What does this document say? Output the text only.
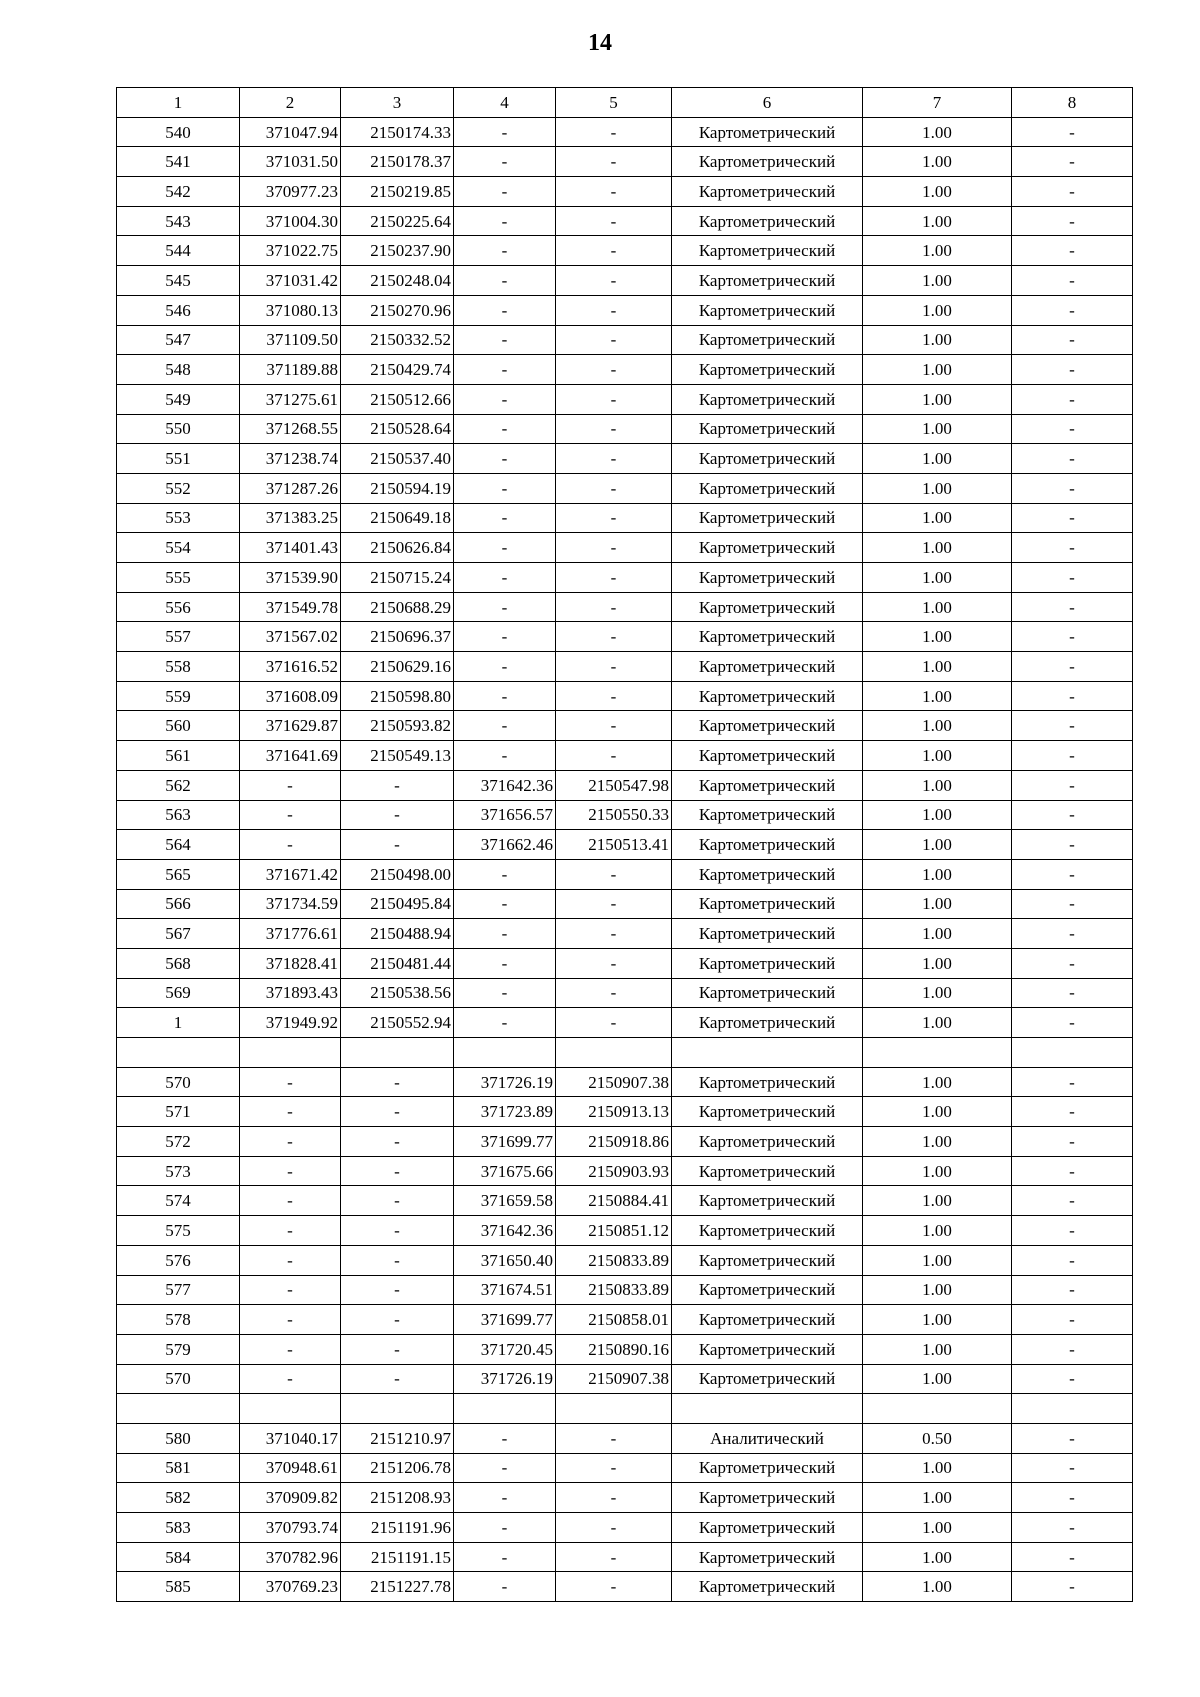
14
1	2	3	4	5	6	7	8
540	371047.94	2150174.33	-	-	Картометрический	1.00	-
541	371031.50	2150178.37	-	-	Картометрический	1.00	-
542	370977.23	2150219.85	-	-	Картометрический	1.00	-
543	371004.30	2150225.64	-	-	Картометрический	1.00	-
544	371022.75	2150237.90	-	-	Картометрический	1.00	-
545	371031.42	2150248.04	-	-	Картометрический	1.00	-
546	371080.13	2150270.96	-	-	Картометрический	1.00	-
547	371109.50	2150332.52	-	-	Картометрический	1.00	-
548	371189.88	2150429.74	-	-	Картометрический	1.00	-
549	371275.61	2150512.66	-	-	Картометрический	1.00	-
550	371268.55	2150528.64	-	-	Картометрический	1.00	-
551	371238.74	2150537.40	-	-	Картометрический	1.00	-
552	371287.26	2150594.19	-	-	Картометрический	1.00	-
553	371383.25	2150649.18	-	-	Картометрический	1.00	-
554	371401.43	2150626.84	-	-	Картометрический	1.00	-
555	371539.90	2150715.24	-	-	Картометрический	1.00	-
556	371549.78	2150688.29	-	-	Картометрический	1.00	-
557	371567.02	2150696.37	-	-	Картометрический	1.00	-
558	371616.52	2150629.16	-	-	Картометрический	1.00	-
559	371608.09	2150598.80	-	-	Картометрический	1.00	-
560	371629.87	2150593.82	-	-	Картометрический	1.00	-
561	371641.69	2150549.13	-	-	Картометрический	1.00	-
562	-	-	371642.36	2150547.98	Картометрический	1.00	-
563	-	-	371656.57	2150550.33	Картометрический	1.00	-
564	-	-	371662.46	2150513.41	Картометрический	1.00	-
565	371671.42	2150498.00	-	-	Картометрический	1.00	-
566	371734.59	2150495.84	-	-	Картометрический	1.00	-
567	371776.61	2150488.94	-	-	Картометрический	1.00	-
568	371828.41	2150481.44	-	-	Картометрический	1.00	-
569	371893.43	2150538.56	-	-	Картометрический	1.00	-
1	371949.92	2150552.94	-	-	Картометрический	1.00	-

570	-	-	371726.19	2150907.38	Картометрический	1.00	-
571	-	-	371723.89	2150913.13	Картометрический	1.00	-
572	-	-	371699.77	2150918.86	Картометрический	1.00	-
573	-	-	371675.66	2150903.93	Картометрический	1.00	-
574	-	-	371659.58	2150884.41	Картометрический	1.00	-
575	-	-	371642.36	2150851.12	Картометрический	1.00	-
576	-	-	371650.40	2150833.89	Картометрический	1.00	-
577	-	-	371674.51	2150833.89	Картометрический	1.00	-
578	-	-	371699.77	2150858.01	Картометрический	1.00	-
579	-	-	371720.45	2150890.16	Картометрический	1.00	-
570	-	-	371726.19	2150907.38	Картометрический	1.00	-

580	371040.17	2151210.97	-	-	Аналитический	0.50	-
581	370948.61	2151206.78	-	-	Картометрический	1.00	-
582	370909.82	2151208.93	-	-	Картометрический	1.00	-
583	370793.74	2151191.96	-	-	Картометрический	1.00	-
584	370782.96	2151191.15	-	-	Картометрический	1.00	-
585	370769.23	2151227.78	-	-	Картометрический	1.00	-
